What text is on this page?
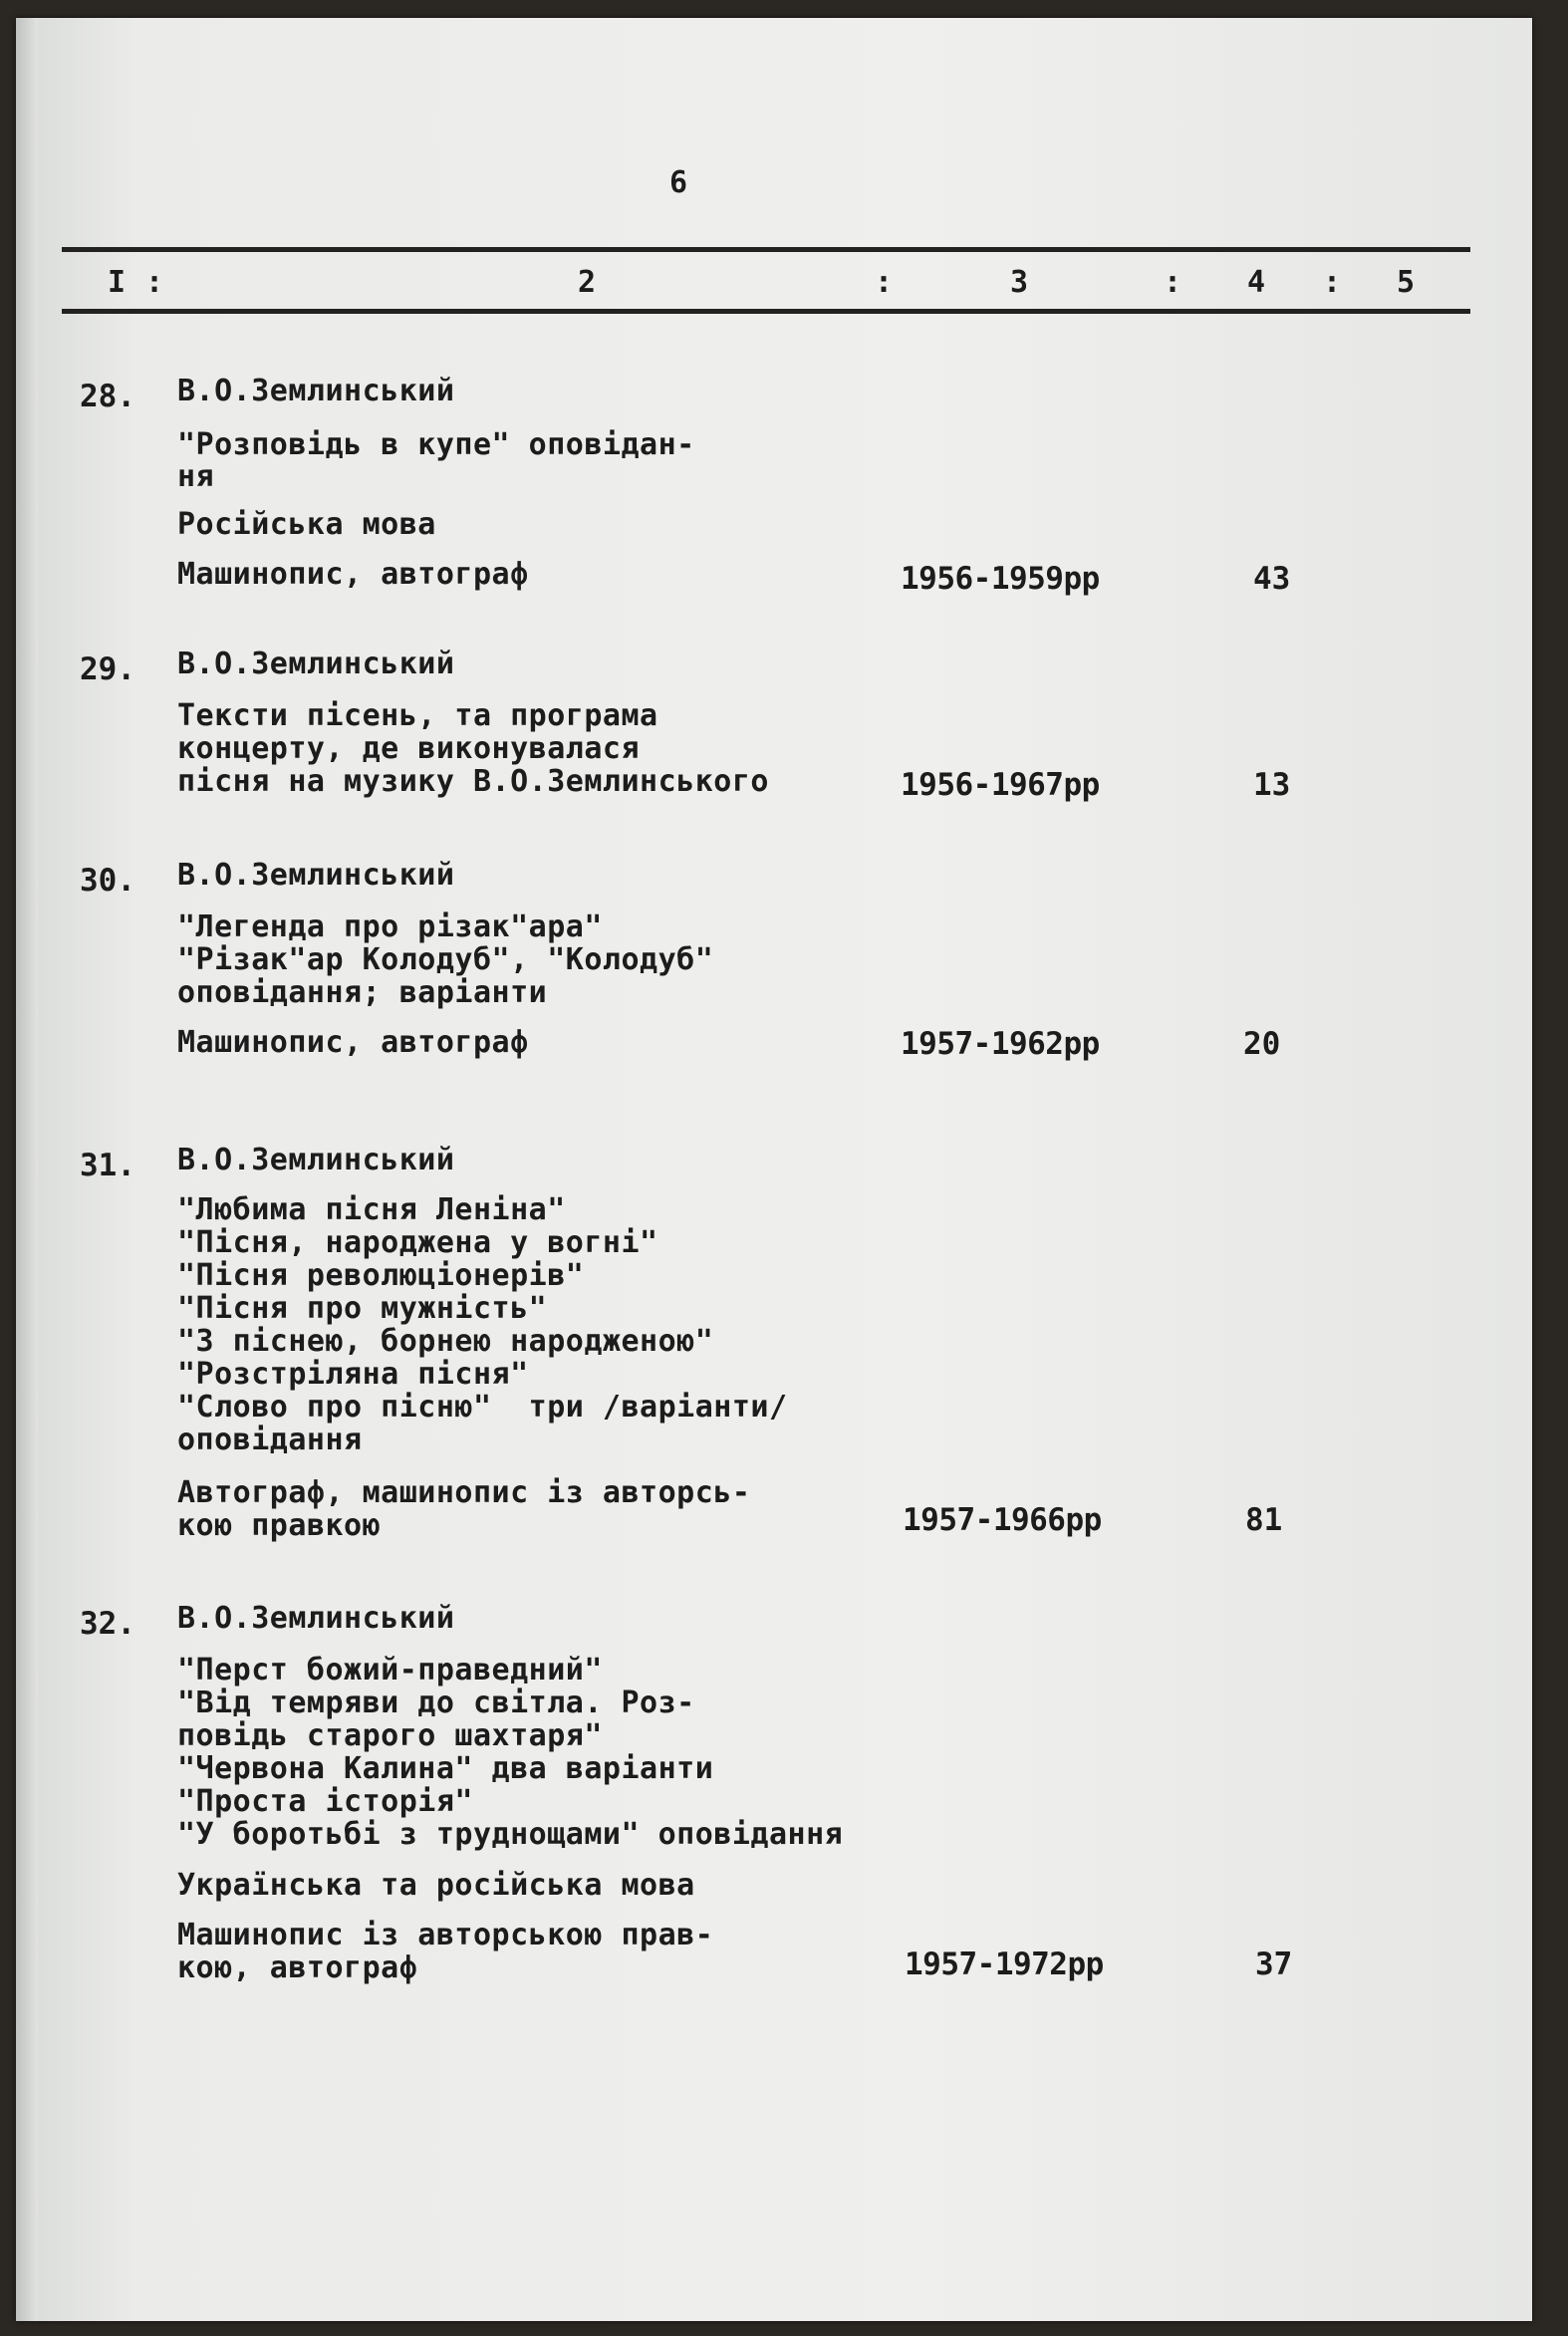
6
I :	2	:	3	: 4 : 5
28. В.О.Землинський
"Розповідь в купе" оповідан-
ня
Російська мова
Машинопис, автограф	1956-1959рр	43
29. В.О.Землинський
Тексти пісень, та програма
концерту, де виконувалася
пісня на музику В.О.Землинського	1956-1967рр	13
30. В.О.Землинський
"Легенда про різак"ара"
"Різак"ар Колодуб", "Колодуб"
оповідання; варіанти
Машинопис, автограф	1957-1962рр	20
31. В.О.Землинський
"Любима пісня Леніна"
"Пісня, народжена у вогні"
"Пісня революціонерів"
"Пісня про мужність"
"З піснею, борнею народженою"
"Розстріляна пісня"
"Слово про пісню"  три /варіанти/
оповідання
Автограф, машинопис із авторсь-
кою правкою	1957-1966рр	81
32. В.О.Землинський
"Перст божий-праведний"
"Від темряви до світла. Роз-
повідь старого шахтаря"
"Червона Калина" два варіанти
"Проста історія"
"У боротьбі з труднощами" оповідання
Українська та російська мова
Машинопис із авторською прав-
кою, автограф	1957-1972рр	37
